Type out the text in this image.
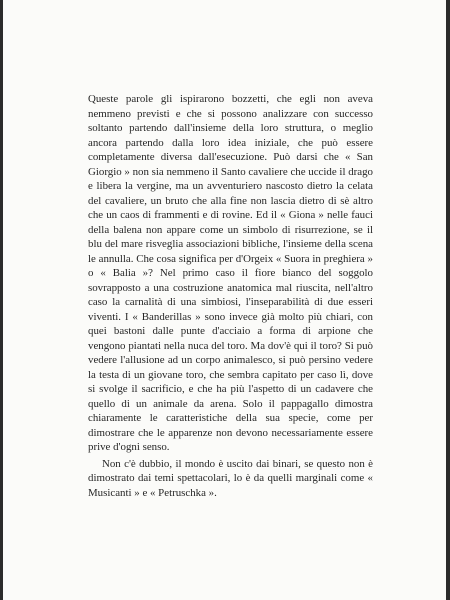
Queste parole gli ispirarono bozzetti, che egli non aveva nemmeno previsti e che si possono analizzare con successo soltanto partendo dall'insieme della loro struttura, o meglio ancora partendo dalla loro idea iniziale, che può essere completamente diversa dall'esecuzione. Può darsi che « San Giorgio » non sia nemmeno il Santo cavaliere che uccide il drago e libera la vergine, ma un avventuriero nascosto dietro la celata del cavaliere, un bruto che alla fine non lascia dietro di sè altro che un caos di frammenti e di rovine. Ed il « Giona » nelle fauci della balena non appare come un simbolo di risurrezione, se il blu del mare risveglia associazioni bibliche, l'insieme della scena le annulla. Che cosa significa per d'Orgeix « Suora in preghiera » o « Balia »? Nel primo caso il fiore bianco del soggolo sovrapposto a una costruzione anatomica mal riuscita, nell'altro caso la carnalità di una simbiosi, l'inseparabilità di due esseri viventi. I « Banderillas » sono invece già molto più chiari, con quei bastoni dalle punte d'acciaio a forma di arpione che vengono piantati nella nuca del toro. Ma dov'è qui il toro? Si può vedere l'allusione ad un corpo animalesco, si può persino vedere la testa di un giovane toro, che sembra capitato per caso lì, dove si svolge il sacrificio, e che ha più l'aspetto di un cadavere che quello di un animale da arena. Solo il pappagallo dimostra chiaramente le caratteristiche della sua specie, come per dimostrare che le apparenze non devono necessariamente essere prive d'ogni senso.

Non c'è dubbio, il mondo è uscito dai binari, se questo non è dimostrato dai temi spettacolari, lo è da quelli marginali come « Musicanti » e « Petruschka ».
